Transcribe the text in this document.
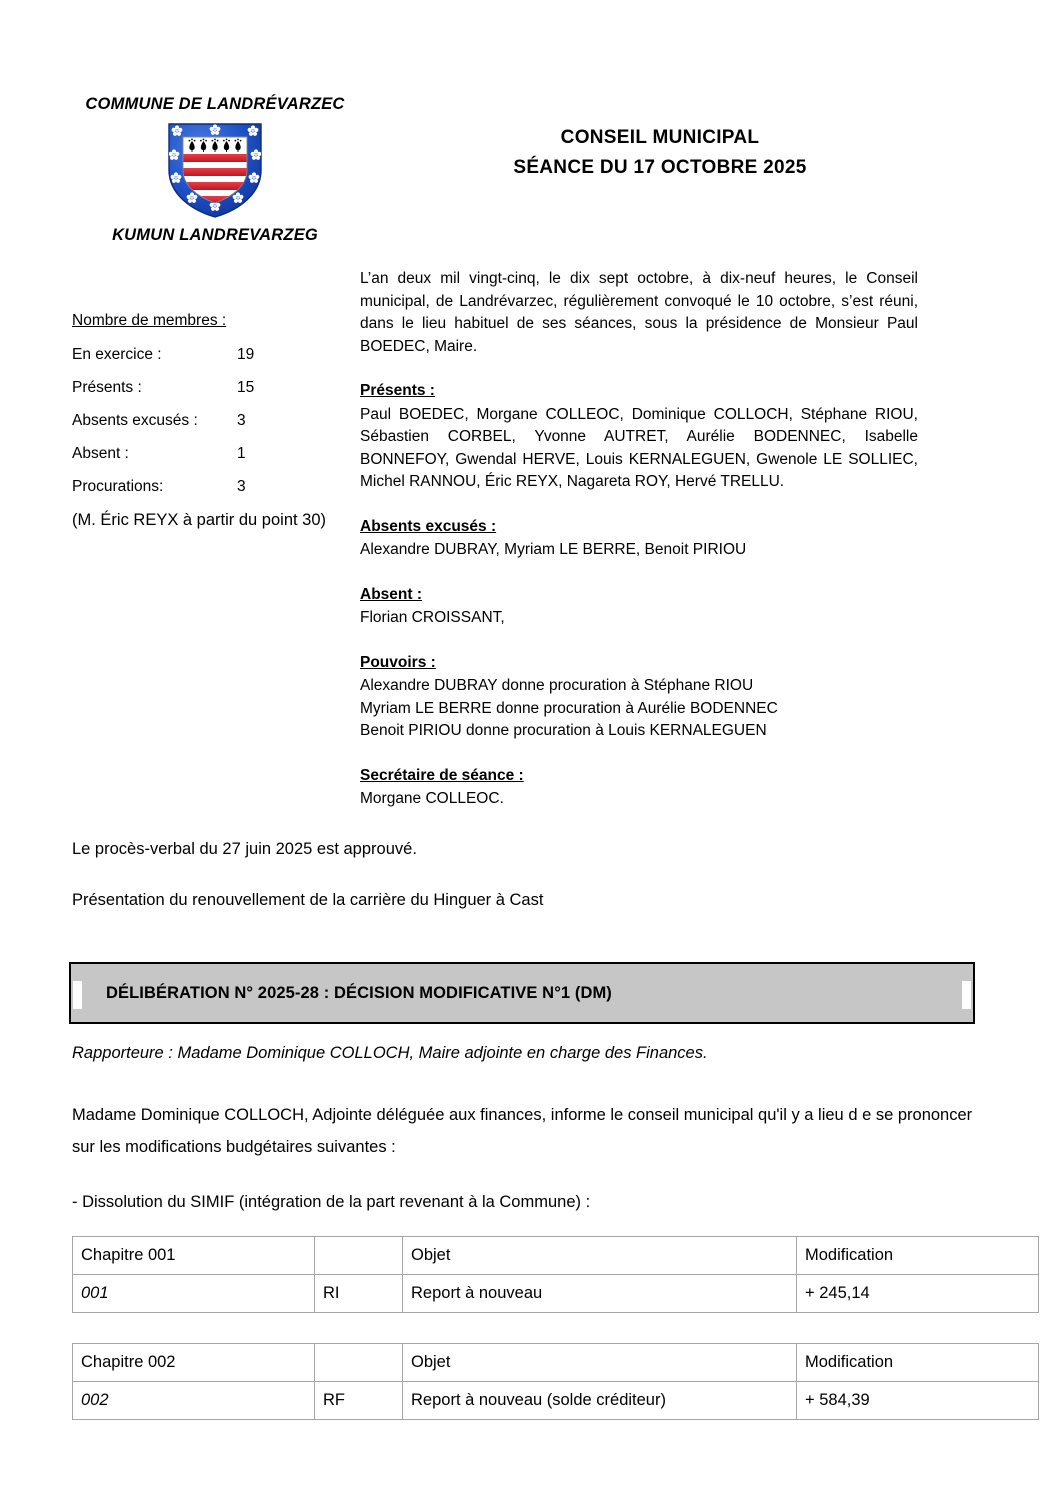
COMMUNE DE LANDRÉVARZEC
KUMUN LANDREVARZEG
CONSEIL MUNICIPAL
SÉANCE DU 17 OCTOBRE 2025
Nombre de membres :
En exercice :	19
Présents :	15
Absents excusés :	3
Absent :	1
Procurations:	3
(M. Éric REYX à partir du point 30)

L’an deux mil vingt-cinq, le dix sept octobre, à dix-neuf heures, le Conseil municipal, de Landrévarzec, régulièrement convoqué le 10 octobre, s’est réuni, dans le lieu habituel de ses séances, sous la présidence de Monsieur Paul BOEDEC, Maire.

Présents :

Paul BOEDEC, Morgane COLLEOC, Dominique COLLOCH, Stéphane RIOU, Sébastien CORBEL, Yvonne AUTRET, Aurélie BODENNEC, Isabelle BONNEFOY, Gwendal HERVE, Louis KERNALEGUEN, Gwenole LE SOLLIEC, Michel RANNOU, Éric REYX, Nagareta ROY, Hervé TRELLU.

Absents excusés :

Alexandre DUBRAY, Myriam LE BERRE, Benoit PIRIOU

Absent :

Florian CROISSANT,

Pouvoirs :

Alexandre DUBRAY donne procuration à Stéphane RIOU

Myriam LE BERRE donne procuration à Aurélie BODENNEC

Benoit PIRIOU donne procuration à Louis KERNALEGUEN

Secrétaire de séance :

Morgane COLLEOC.

Le procès-verbal du 27 juin 2025 est approuvé.

Présentation du renouvellement de la carrière du Hinguer à Cast

DÉLIBÉRATION N° 2025-28 : DÉCISION MODIFICATIVE N°1 (DM)

Rapporteure : Madame Dominique COLLOCH, Maire adjointe en charge des Finances.

Madame Dominique COLLOCH, Adjointe déléguée aux finances, informe le conseil municipal qu'il y a lieu d e se prononcer sur les modifications budgétaires suivantes :

- Dissolution du SIMIF (intégration de la part revenant à la Commune) :

Chapitre 001		Objet	Modification
001	RI	Report à nouveau	+ 245,14
Chapitre 002		Objet	Modification
002	RF	Report à nouveau (solde créditeur)	+ 584,39
